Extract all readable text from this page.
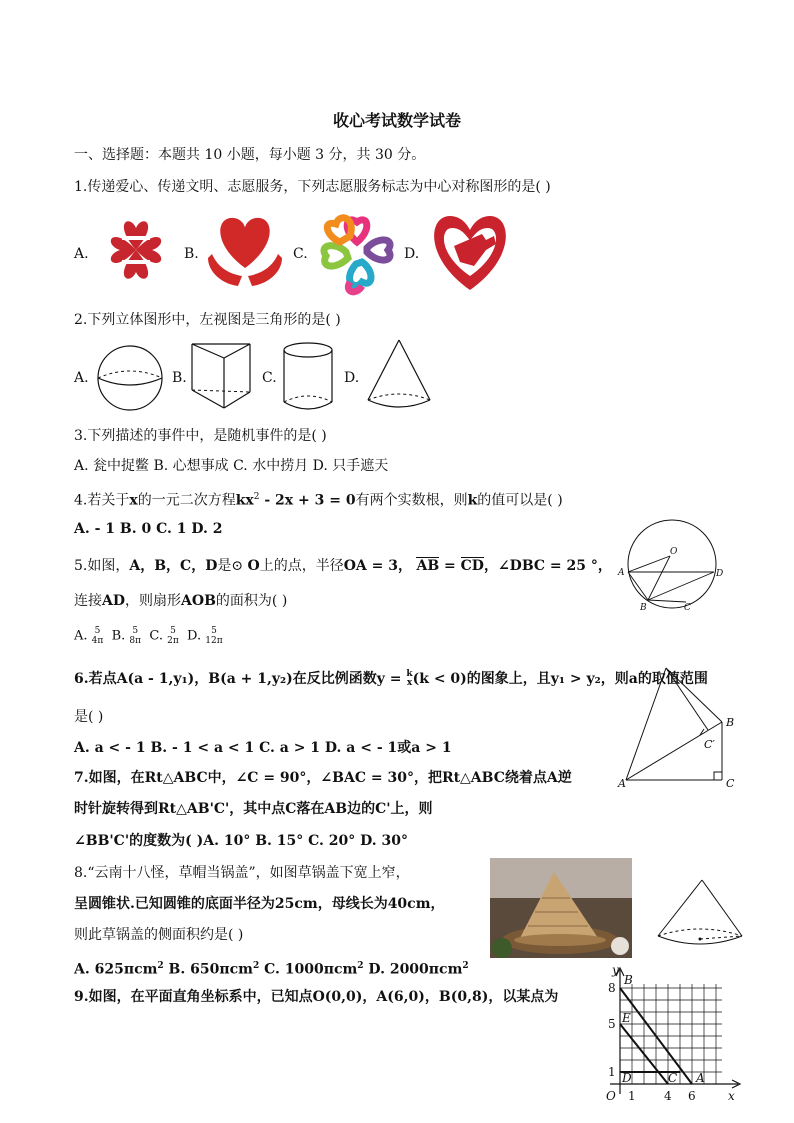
收心考试数学试卷
一、选择题：本题共 10 小题，每小题 3 分，共 30 分。
1.传递爱心、传递文明、志愿服务，下列志愿服务标志为中心对称图形的是( )
A.	B.	C.	D.
2.下列立体图形中，左视图是三角形的是( )
A.	B.	C.	D.
3.下列描述的事件中，是随机事件的是( )
A. 瓮中捉鳖 B. 心想事成 C. 水中捞月 D. 只手遮天
4.若关于x的一元二次方程$kx^2 - 2x + 3 = 0$有两个实数根，则k的值可以是( )
A. - 1 B. 0 C. 1 D. 2
5.如图，A，B，C，D是⊙ O上的点，半径OA = 3， AB = CD，∠DBC = 25 °，
连接AD，则扇形AOB的面积为( )
A. 5
4π B. 5
8π C. 5
2π D. 5
12π
O
A
B	C
D
6.若点A(a - 1,y₁)，B(a + 1,y₂)在反比例函数y = k
x(k < 0)的图象上，且y₁ > y₂，则a的取值范围
是( )
A. a < - 1 B. - 1 < a < 1 C. a > 1 D. a < - 1或a > 1
A
B
C
C′
7.如图，在Rt△ABC中，∠C = 90°，∠BAC = 30°，把Rt△ABC绕着点A逆
时针旋转得到Rt△AB'C'，其中点C落在AB边的C'上，则
∠BB'C'的度数为( )A. 10° B. 15° C. 20° D. 30°
8.“云南十八怪，草帽当锅盖”，如图草锅盖下宽上窄，
呈圆锥状.已知圆锥的底面半径为25cm，母线长为40cm，
则此草锅盖的侧面积约是( )
A. 625πcm$^2$ B. 650πcm$^2$ C. 1000πcm$^2$ D. 2000πcm$^2$
9.如图，在平面直角坐标系中，已知点O(0,0)，A(6,0)，B(0,8)，以某点为
y
x
B
E
D	C A
O
8
5
1
1 4 6
